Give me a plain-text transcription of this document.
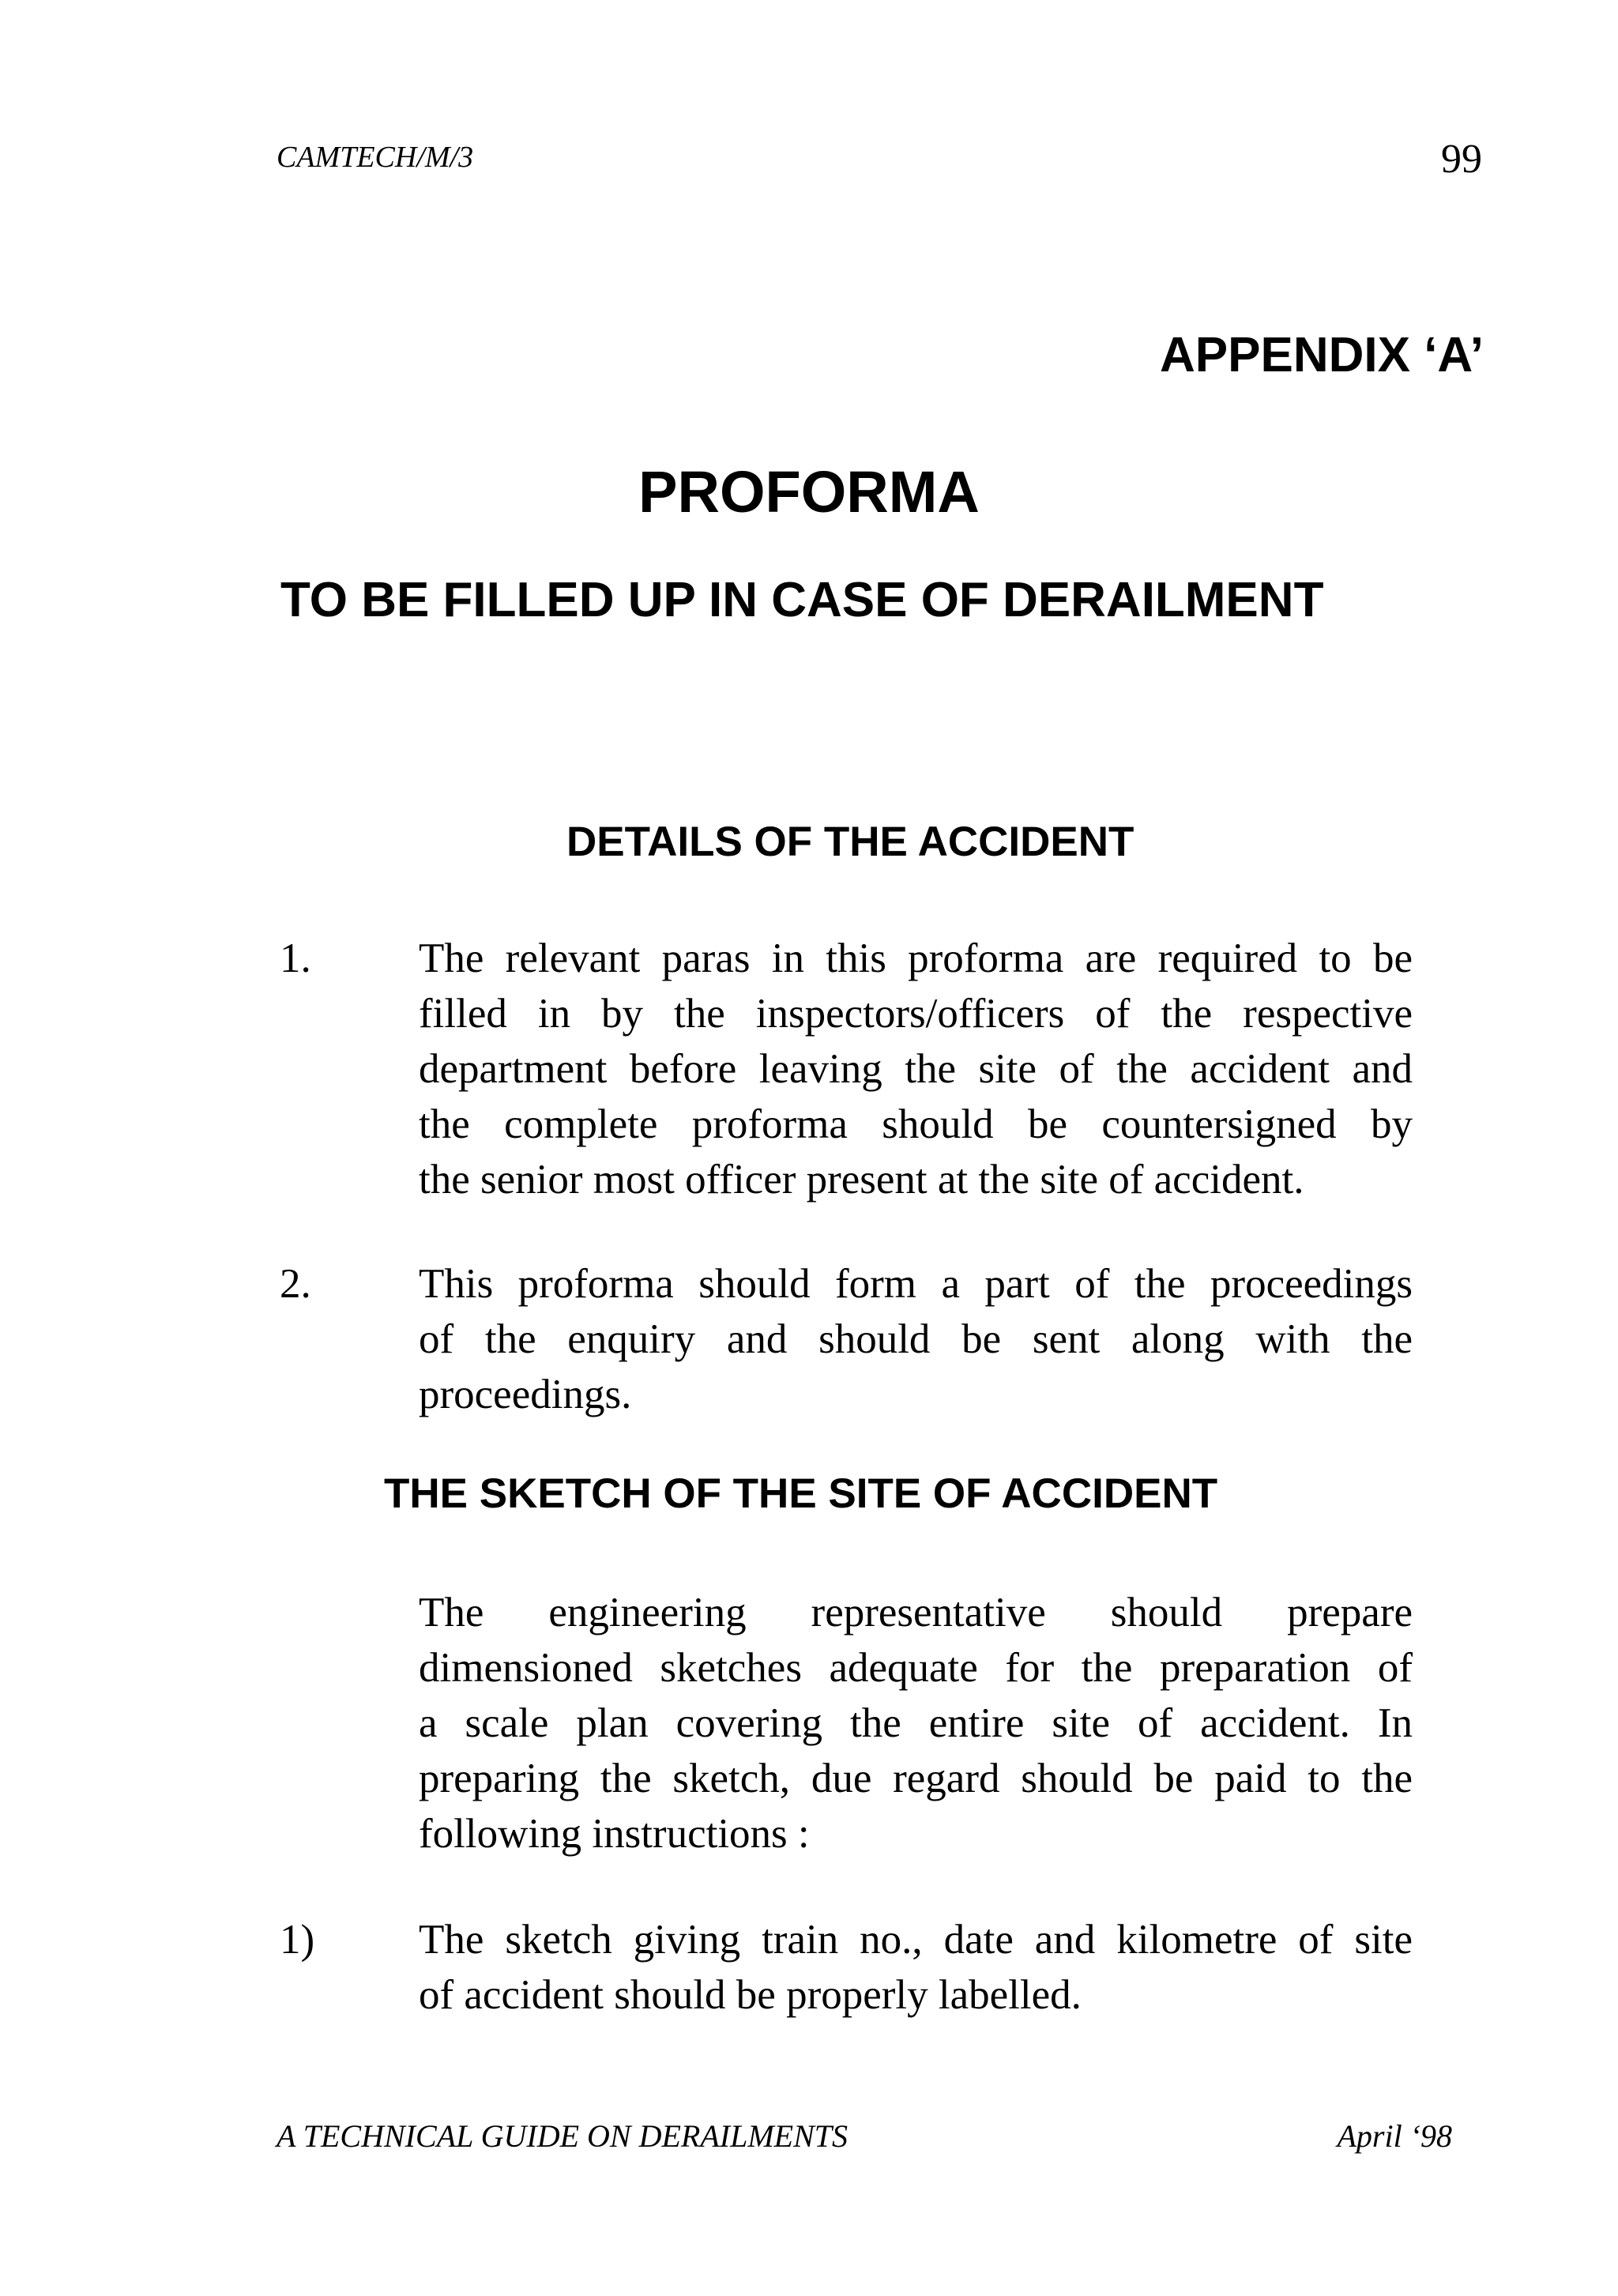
CAMTECH/M/3	99
APPENDIX ‘A’
PROFORMA
TO BE FILLED UP IN CASE OF DERAILMENT
DETAILS OF THE ACCIDENT
1.	The relevant paras in this proforma are required to be
filled in by the inspectors/officers of the respective
department before leaving the site of the accident and
the complete proforma should be countersigned by
the senior most officer present at the site of accident.
2.	This proforma should form a part of the proceedings
of the enquiry and should be sent along with the
proceedings.
THE SKETCH OF THE SITE OF ACCIDENT
The engineering representative should prepare
dimensioned sketches adequate for the preparation of
a scale plan covering the entire site of accident. In
preparing the sketch, due regard should be paid to the
following instructions :
1) The sketch giving train no., date and kilometre of site
of accident should be properly labelled.
A TECHNICAL GUIDE ON DERAILMENTS	April ‘98
